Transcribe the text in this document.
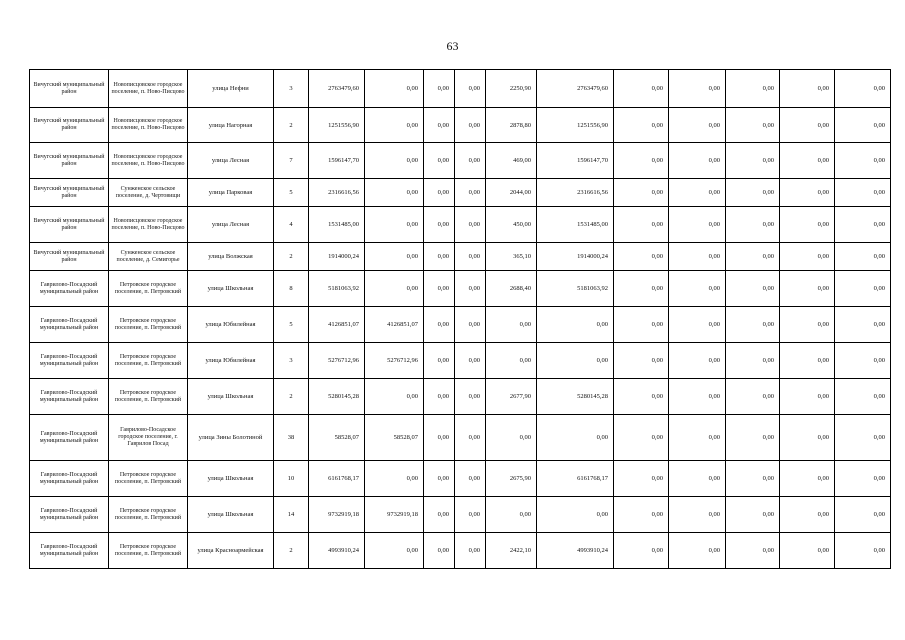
63
Вичугский муниципальный район	Новописцовское городское поселение, п. Ново-Писцово	улица Нефни	3	2763479,60	0,00	0,00	0,00	2250,90	2763479,60	0,00	0,00	0,00	0,00	0,00
Вичугский муниципальный район	Новописцовское городское поселение, п. Ново-Писцово	улица Нагорная	2	1251556,90	0,00	0,00	0,00	2878,80	1251556,90	0,00	0,00	0,00	0,00	0,00
Вичугский муниципальный район	Новописцовское городское поселение, п. Ново-Писцово	улица Лесная	7	1596147,70	0,00	0,00	0,00	469,00	1596147,70	0,00	0,00	0,00	0,00	0,00
Вичугский муниципальный район	Сунженское сельское поселение, д. Чертовищи	улица Парковая	5	2316616,56	0,00	0,00	0,00	2044,00	2316616,56	0,00	0,00	0,00	0,00	0,00
Вичугский муниципальный район	Новописцовское городское поселение, п. Ново-Писцово	улица Лесная	4	1531485,00	0,00	0,00	0,00	450,00	1531485,00	0,00	0,00	0,00	0,00	0,00
Вичугский муниципальный район	Сунженское сельское поселение, д. Семигорье	улица Волжская	2	1914000,24	0,00	0,00	0,00	365,10	1914000,24	0,00	0,00	0,00	0,00	0,00
Гаврилово-Посадский муниципальный район	Петровское городское поселение, п. Петровский	улица Школьная	8	5181063,92	0,00	0,00	0,00	2688,40	5181063,92	0,00	0,00	0,00	0,00	0,00
Гаврилово-Посадский муниципальный район	Петровское городское поселение, п. Петровский	улица Юбилейная	5	4126851,07	4126851,07	0,00	0,00	0,00	0,00	0,00	0,00	0,00	0,00	0,00
Гаврилово-Посадский муниципальный район	Петровское городское поселение, п. Петровский	улица Юбилейная	3	5276712,96	5276712,96	0,00	0,00	0,00	0,00	0,00	0,00	0,00	0,00	0,00
Гаврилово-Посадский муниципальный район	Петровское городское поселение, п. Петровский	улица Школьная	2	5280145,28	0,00	0,00	0,00	2677,90	5280145,28	0,00	0,00	0,00	0,00	0,00
Гаврилово-Посадский муниципальный район	Гаврилово-Посадское городское поселение, г. Гаврилов Посад	улица Зины Болотиной	38	58528,07	58528,07	0,00	0,00	0,00	0,00	0,00	0,00	0,00	0,00	0,00
Гаврилово-Посадский муниципальный район	Петровское городское поселение, п. Петровский	улица Школьная	10	6161768,17	0,00	0,00	0,00	2675,90	6161768,17	0,00	0,00	0,00	0,00	0,00
Гаврилово-Посадский муниципальный район	Петровское городское поселение, п. Петровский	улица Школьная	14	9732919,18	9732919,18	0,00	0,00	0,00	0,00	0,00	0,00	0,00	0,00	0,00
Гаврилово-Посадский муниципальный район	Петровское городское поселение, п. Петровский	улица Красноармейская	2	4993910,24	0,00	0,00	0,00	2422,10	4993910,24	0,00	0,00	0,00	0,00	0,00
